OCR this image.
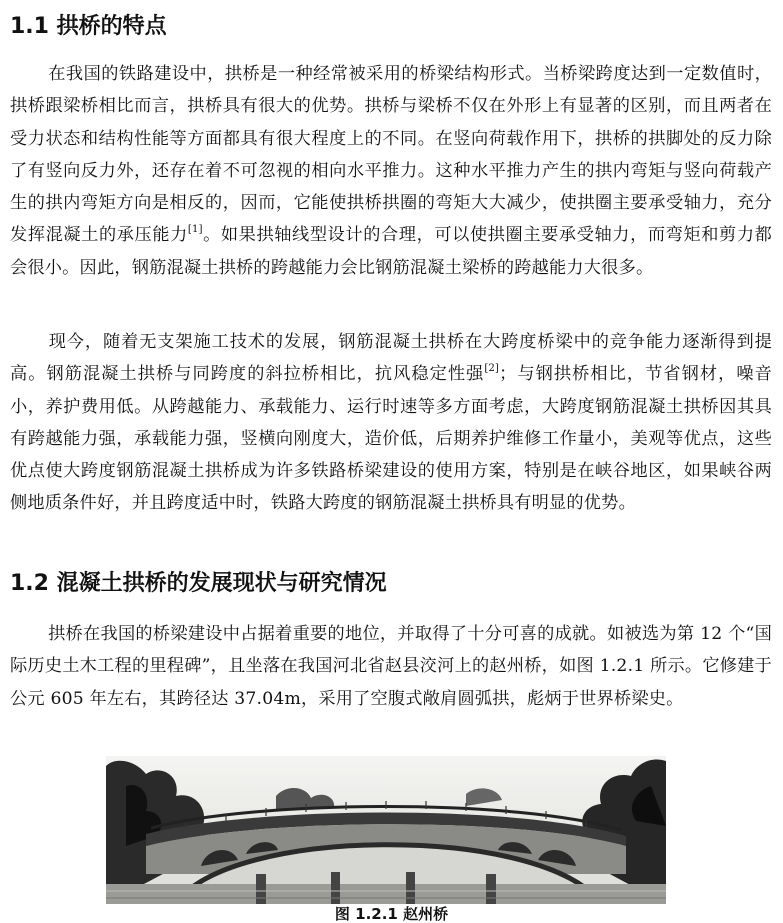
1.1 拱桥的特点

在我国的铁路建设中，拱桥是一种经常被采用的桥梁结构形式。当桥梁跨度达到一定数值时，拱桥跟梁桥相比而言，拱桥具有很大的优势。拱桥与梁桥不仅在外形上有显著的区别，而且两者在受力状态和结构性能等方面都具有很大程度上的不同。在竖向荷载作用下，拱桥的拱脚处的反力除了有竖向反力外，还存在着不可忽视的相向水平推力。这种水平推力产生的拱内弯矩与竖向荷载产生的拱内弯矩方向是相反的，因而，它能使拱桥拱圈的弯矩大大减少，使拱圈主要承受轴力，充分发挥混凝土的承压能力[1]。如果拱轴线型设计的合理，可以使拱圈主要承受轴力，而弯矩和剪力都会很小。因此，钢筋混凝土拱桥的跨越能力会比钢筋混凝土梁桥的跨越能力大很多。

现今，随着无支架施工技术的发展，钢筋混凝土拱桥在大跨度桥梁中的竞争能力逐渐得到提高。钢筋混凝土拱桥与同跨度的斜拉桥相比，抗风稳定性强[2]；与钢拱桥相比，节省钢材，噪音小，养护费用低。从跨越能力、承载能力、运行时速等多方面考虑，大跨度钢筋混凝土拱桥因其具有跨越能力强，承载能力强，竖横向刚度大，造价低，后期养护维修工作量小，美观等优点，这些优点使大跨度钢筋混凝土拱桥成为许多铁路桥梁建设的使用方案，特别是在峡谷地区，如果峡谷两侧地质条件好，并且跨度适中时，铁路大跨度的钢筋混凝土拱桥具有明显的优势。

1.2 混凝土拱桥的发展现状与研究情况

拱桥在我国的桥梁建设中占据着重要的地位，并取得了十分可喜的成就。如被选为第 12 个“国际历史土木工程的里程碑”，且坐落在我国河北省赵县洨河上的赵州桥，如图 1.2.1 所示。它修建于公元 605 年左右，其跨径达 37.04m，采用了空腹式敞肩圆弧拱，彪炳于世界桥梁史。

图 1.2.1 赵州桥
